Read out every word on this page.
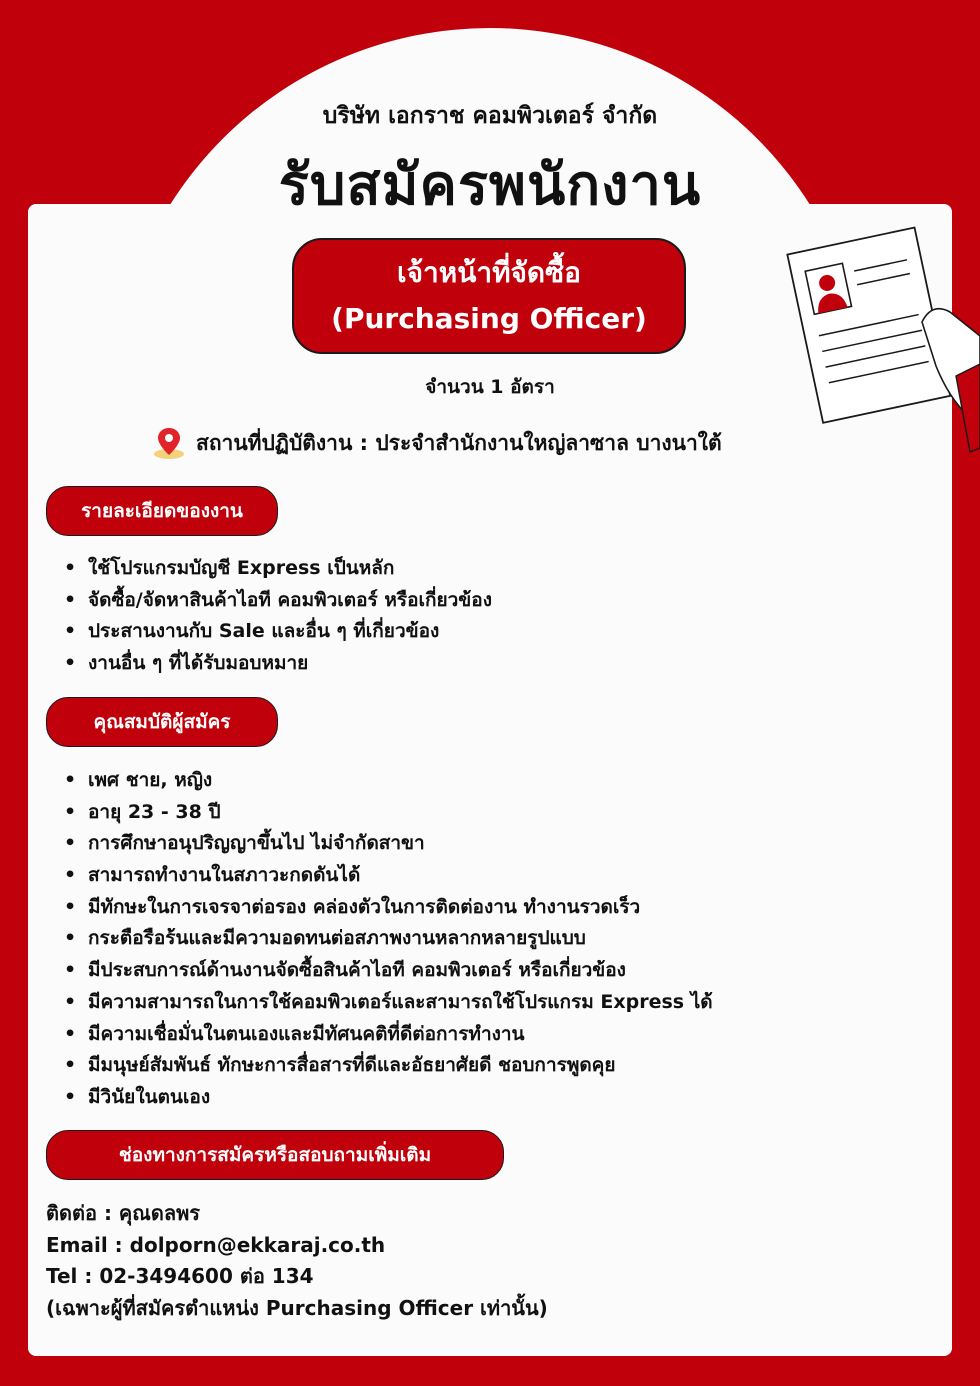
บริษัท เอกราช คอมพิวเตอร์ จำกัด
รับสมัครพนักงาน
เจ้าหน้าที่จัดซื้อ
(Purchasing Officer)
จำนวน 1 อัตรา
สถานที่ปฏิบัติงาน : ประจำสำนักงานใหญ่ลาซาล บางนาใต้
รายละเอียดของงาน
• ใช้โปรแกรมบัญชี Express เป็นหลัก
• จัดซื้อ/จัดหาสินค้าไอที คอมพิวเตอร์ หรือเกี่ยวข้อง
• ประสานงานกับ Sale และอื่น ๆ ที่เกี่ยวข้อง
• งานอื่น ๆ ที่ได้รับมอบหมาย
คุณสมบัติผู้สมัคร
• เพศ ชาย, หญิง
• อายุ 23 - 38 ปี
• การศึกษาอนุปริญญาขึ้นไป ไม่จำกัดสาขา
• สามารถทำงานในสภาวะกดดันได้
• มีทักษะในการเจรจาต่อรอง คล่องตัวในการติดต่องาน ทำงานรวดเร็ว
• กระตือรือร้นและมีความอดทนต่อสภาพงานหลากหลายรูปแบบ
• มีประสบการณ์ด้านงานจัดซื้อสินค้าไอที คอมพิวเตอร์ หรือเกี่ยวข้อง
• มีความสามารถในการใช้คอมพิวเตอร์และสามารถใช้โปรแกรม Express ได้
• มีความเชื่อมั่นในตนเองและมีทัศนคติที่ดีต่อการทำงาน
• มีมนุษย์สัมพันธ์ ทักษะการสื่อสารที่ดีและอัธยาศัยดี ชอบการพูดคุย
• มีวินัยในตนเอง
ช่องทางการสมัครหรือสอบถามเพิ่มเติม
ติดต่อ : คุณดลพร
Email : dolporn@ekkaraj.co.th
Tel : 02-3494600 ต่อ 134
(เฉพาะผู้ที่สมัครตำแหน่ง Purchasing Officer เท่านั้น)
